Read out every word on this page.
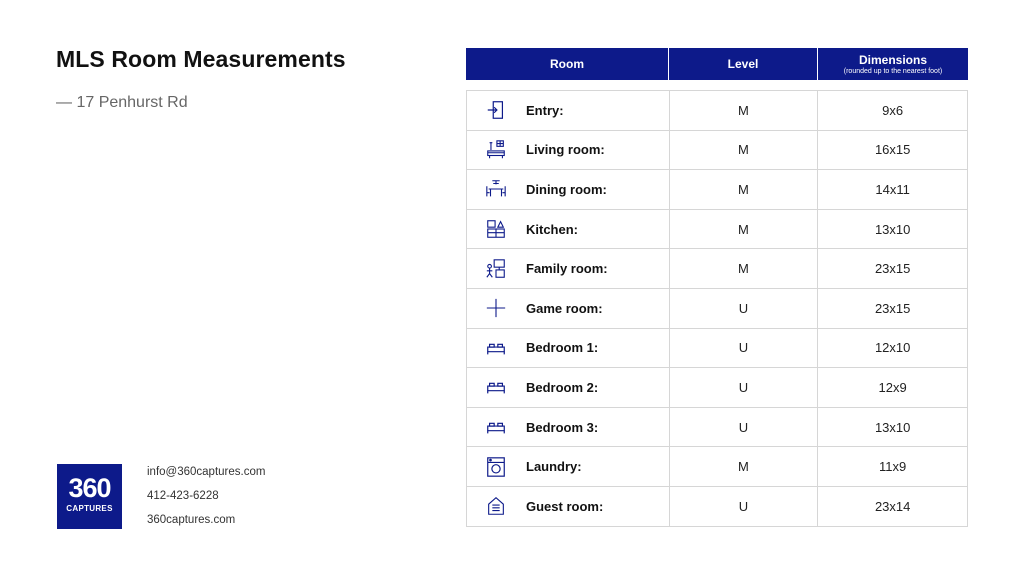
MLS Room Measurements
— 17 Penhurst Rd
360
CAPTURES
info@360captures.com
412-423-6228
360captures.com
Room	Level	Dimensions
(rounded up to the nearest foot)
Entry:	M	9x6
Living room:	M	16x15
Dining room:	M	14x11
Kitchen:	M	13x10
Family room:	M	23x15
Game room:	U	23x15
Bedroom 1:	U	12x10
Bedroom 2:	U	12x9
Bedroom 3:	U	13x10
Laundry:	M	11x9
Guest room:	U	23x14
